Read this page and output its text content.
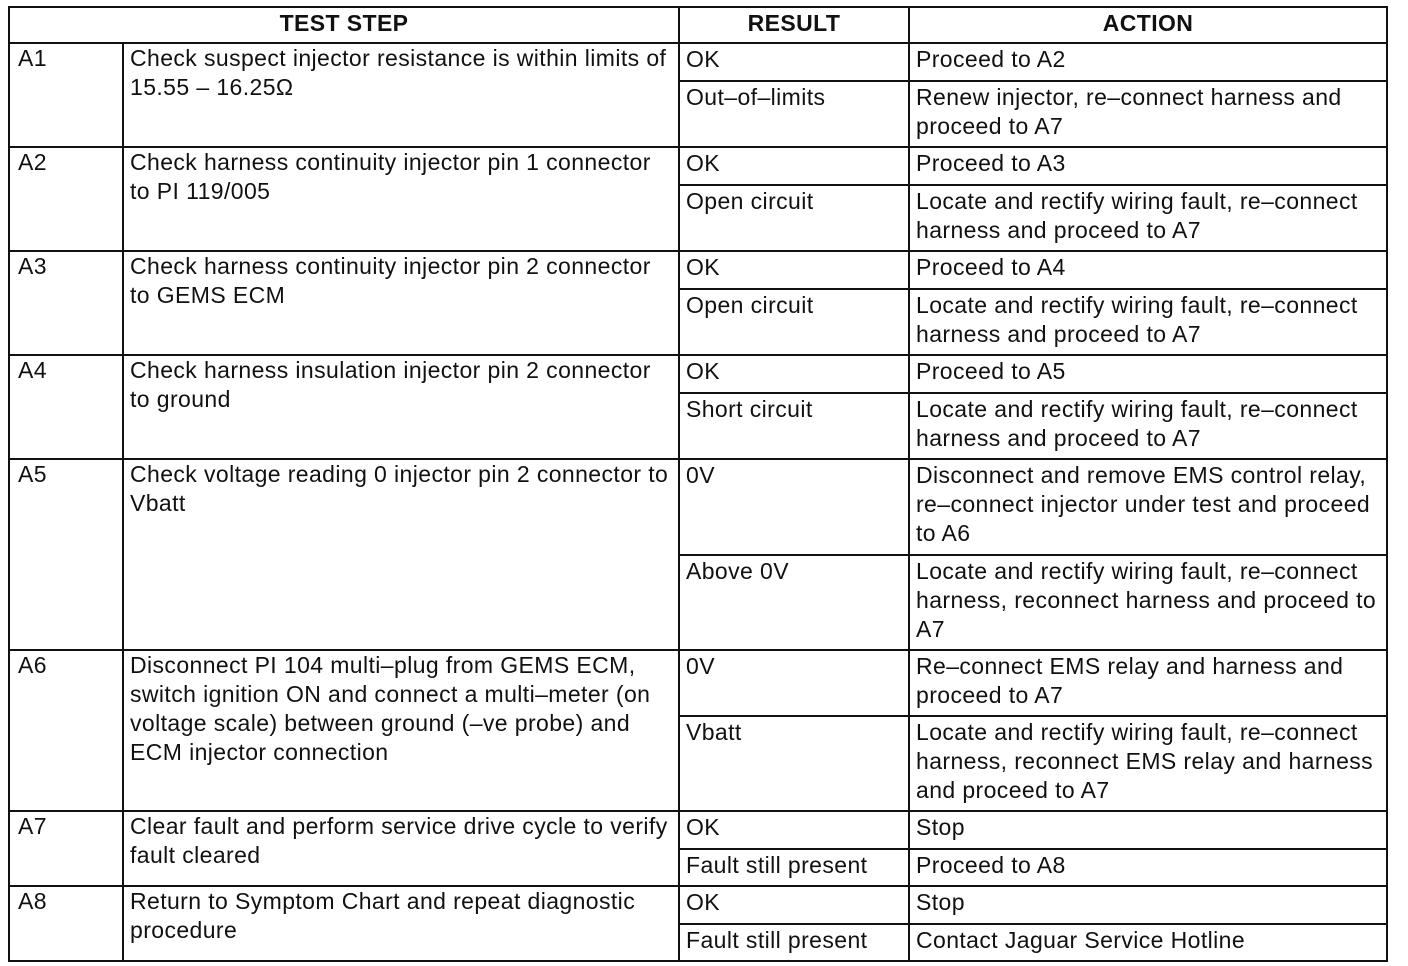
TEST STEP		RESULT	ACTION
A1	Check suspect injector resistance is within limits of 15.55 – 16.25Ω	OK	Proceed to A2
		Out–of–limits	Renew injector, re–connect harness and proceed to A7
A2	Check harness continuity injector pin 1 connector to PI 119/005	OK	Proceed to A3
		Open circuit	Locate and rectify wiring fault, re–connect harness and proceed to A7
A3	Check harness continuity injector pin 2 connector to GEMS ECM	OK	Proceed to A4
		Open circuit	Locate and rectify wiring fault, re–connect harness and proceed to A7
A4	Check harness insulation injector pin 2 connector to ground	OK	Proceed to A5
		Short circuit	Locate and rectify wiring fault, re–connect harness and proceed to A7
A5	Check voltage reading 0 injector pin 2 connector to Vbatt	0V	Disconnect and remove EMS control relay, re–connect injector under test and proceed to A6
		Above 0V	Locate and rectify wiring fault, re–connect harness, reconnect harness and proceed to A7
A6	Disconnect PI 104 multi–plug from GEMS ECM, switch ignition ON and connect a multi–meter (on voltage scale) between ground (–ve probe) and ECM injector connection	0V	Re–connect EMS relay and harness and proceed to A7
		Vbatt	Locate and rectify wiring fault, re–connect harness, reconnect EMS relay and harness and proceed to A7
A7	Clear fault and perform service drive cycle to verify fault cleared	OK	Stop
		Fault still present	Proceed to A8
A8	Return to Symptom Chart and repeat diagnostic procedure	OK	Stop
		Fault still present	Contact Jaguar Service Hotline
